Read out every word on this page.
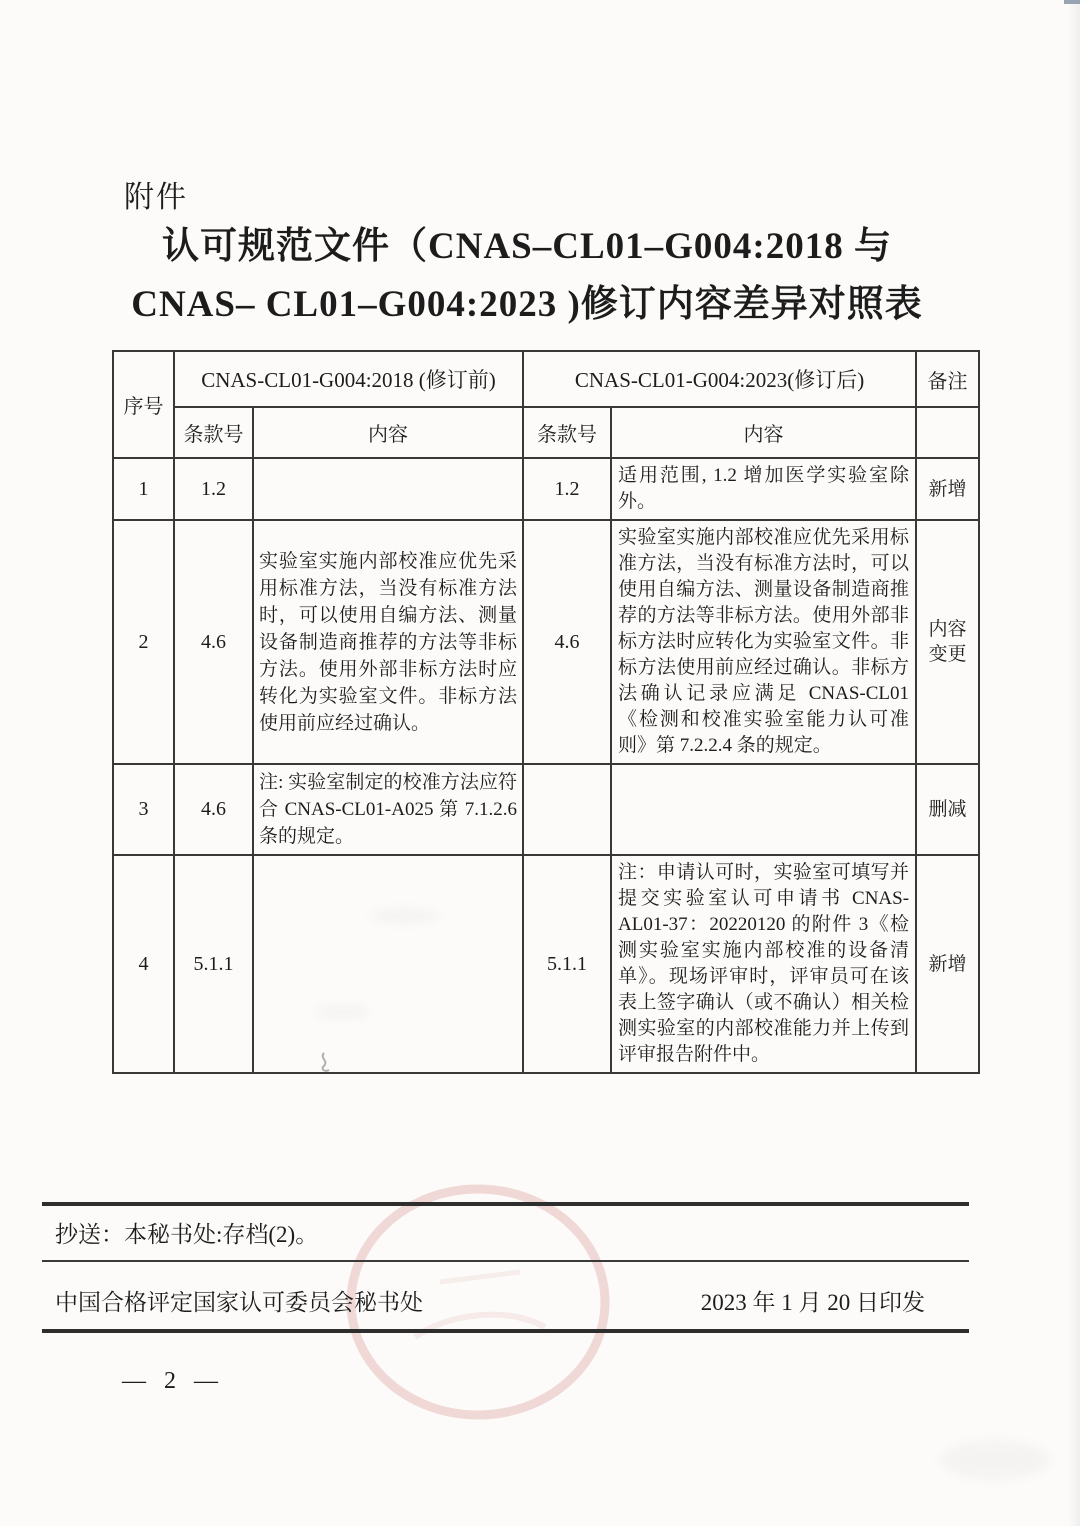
附件
认可规范文件（CNAS–CL01–G004:2018 与
CNAS– CL01–G004:2023 )修订内容差异对照表
序号	CNAS-CL01-G004:2018 (修订前)		CNAS-CL01-G004:2023(修订后)		备注
	条款号	内容	条款号	内容	
1	1.2		1.2	适用范围, 1.2 增加医学实验室除外。	新增
2	4.6	实验室实施内部校准应优先采用标准方法，当没有标准方法时，可以使用自编方法、测量设备制造商推荐的方法等非标方法。使用外部非标方法时应转化为实验室文件。非标方法使用前应经过确认。	4.6	实验室实施内部校准应优先采用标准方法，当没有标准方法时，可以使用自编方法、测量设备制造商推荐的方法等非标方法。使用外部非标方法时应转化为实验室文件。非标方法使用前应经过确认。非标方法确认记录应满足 CNAS-CL01《检测和校准实验室能力认可准则》第 7.2.2.4 条的规定。	内容变更
3	4.6	注: 实验室制定的校准方法应符合 CNAS-CL01-A025 第 7.1.2.6 条的规定。			删减
4	5.1.1		5.1.1	注：申请认可时，实验室可填写并提交实验室认可申请书 CNAS-AL01-37：20220120 的附件 3《检测实验室实施内部校准的设备清单》。现场评审时，评审员可在该表上签字确认（或不确认）相关检测实验室的内部校准能力并上传到评审报告附件中。	新增
抄送：本秘书处:存档(2)。
中国合格评定国家认可委员会秘书处	2023 年 1 月 20 日印发
— 2 —
